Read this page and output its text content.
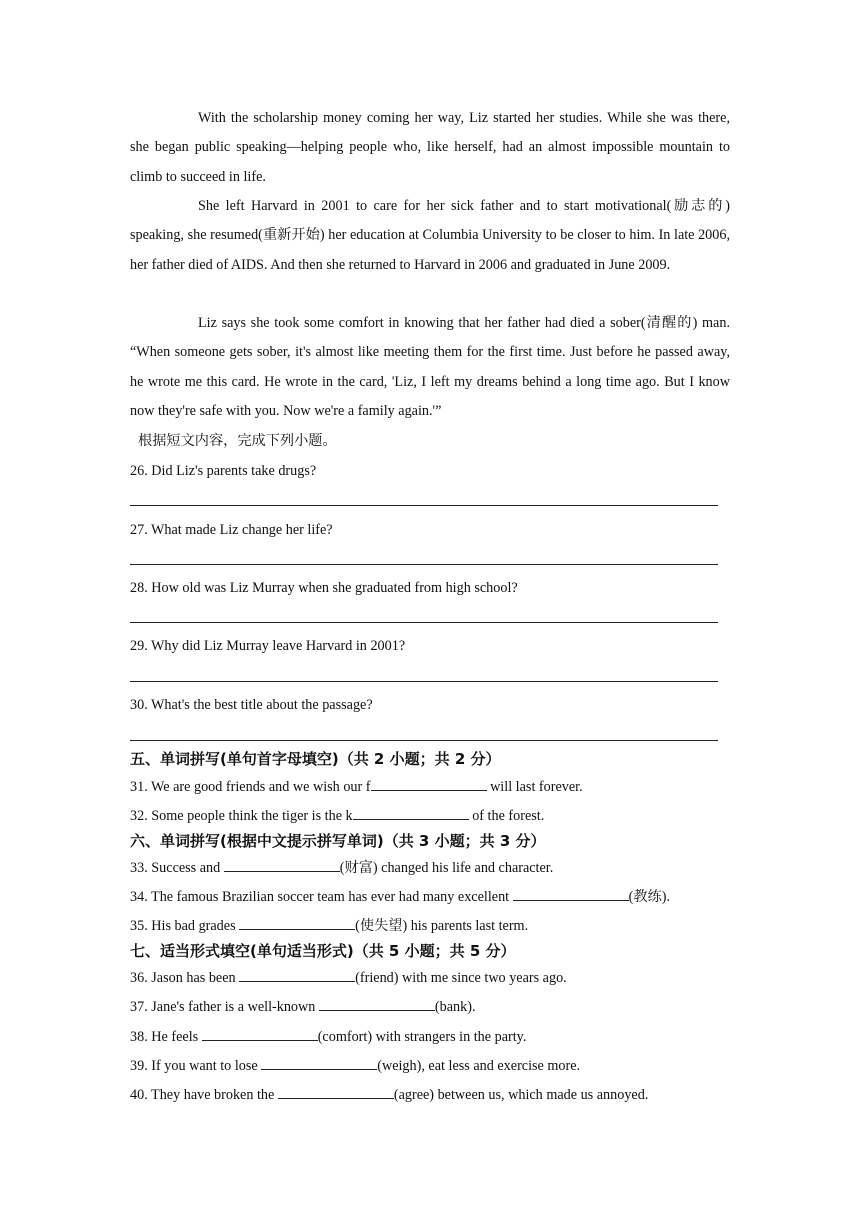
With the scholarship money coming her way, Liz started her studies. While she was there, she began public speaking—helping people who, like herself, had an almost impossible mountain to climb to succeed in life.

She left Harvard in 2001 to care for her sick father and to start motivational(励志的) speaking, she resumed(重新开始) her education at Columbia University to be closer to him. In late 2006, her father died of AIDS. And then she returned to Harvard in 2006 and graduated in June 2009.

Liz says she took some comfort in knowing that her father had died a sober(清醒的) man. “When someone gets sober, it's almost like meeting them for the first time. Just before he passed away, he wrote me this card. He wrote in the card, 'Liz, I left my dreams behind a long time ago. But I know now they're safe with you. Now we're a family again.'”

根据短文内容，完成下列小题。
26. Did Liz's parents take drugs?
27. What made Liz change her life?
28. How old was Liz Murray when she graduated from high school?
29. Why did Liz Murray leave Harvard in 2001?
30. What's the best title about the passage?
五、单词拼写(单句首字母填空)（共 2 小题；共 2 分）
31. We are good friends and we wish our f	will last forever.
32. Some people think the tiger is the k	of the forest.
六、单词拼写(根据中文提示拼写单词)（共 3 小题；共 3 分）
33. Success and	(财富) changed his life and character.
34. The famous Brazilian soccer team has ever had many excellent	(教练).
35. His bad grades	(使失望) his parents last term.
七、适当形式填空(单句适当形式)（共 5 小题；共 5 分）
36. Jason has been	(friend) with me since two years ago.
37. Jane's father is a well-known	(bank).
38. He feels	(comfort) with strangers in the party.
39. If you want to lose	(weigh), eat less and exercise more.
40. They have broken the	(agree) between us, which made us annoyed.
